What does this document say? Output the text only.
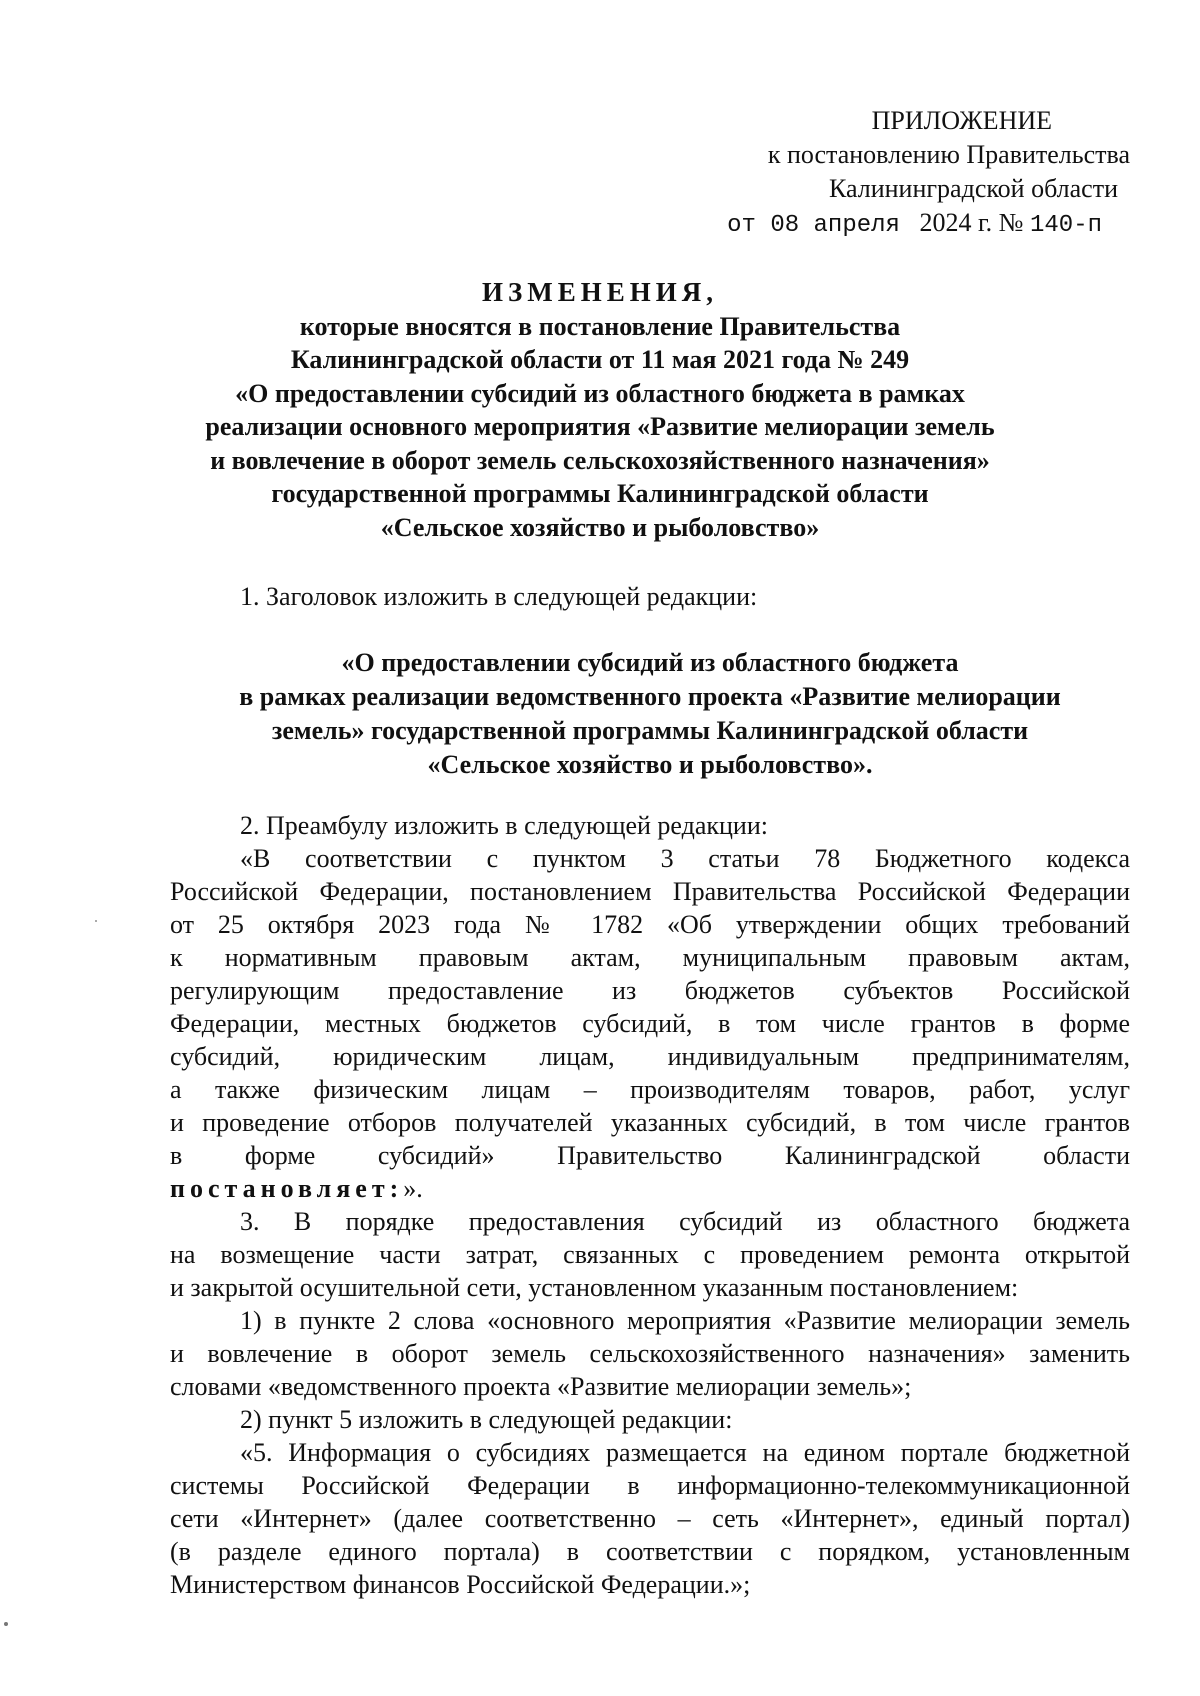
ПРИЛОЖЕНИЕ
к постановлению Правительства
Калининградской области
от 08 апреля 2024 г. № 140-п
ИЗМЕНЕНИЯ,
которые вносятся в постановление Правительства
Калининградской области от 11 мая 2021 года № 249
«О предоставлении субсидий из областного бюджета в рамках
реализации основного мероприятия «Развитие мелиорации земель
и вовлечение в оборот земель сельскохозяйственного назначения»
государственной программы Калининградской области
«Сельское хозяйство и рыболовство»
1. Заголовок изложить в следующей редакции:
«О предоставлении субсидий из областного бюджета
в рамках реализации ведомственного проекта «Развитие мелиорации
земель» государственной программы Калининградской области
«Сельское хозяйство и рыболовство».
2. Преамбулу изложить в следующей редакции:
«В соответствии с пунктом 3 статьи 78 Бюджетного кодекса
Российской Федерации, постановлением Правительства Российской Федерации
от 25 октября 2023 года № 1782 «Об утверждении общих требований
к нормативным правовым актам, муниципальным правовым актам,
регулирующим предоставление из бюджетов субъектов Российской
Федерации, местных бюджетов субсидий, в том числе грантов в форме
субсидий, юридическим лицам, индивидуальным предпринимателям,
а также физическим лицам – производителям товаров, работ, услуг
и проведение отборов получателей указанных субсидий, в том числе грантов
в форме субсидий» Правительство Калининградской области
постановляет:».
3. В порядке предоставления субсидий из областного бюджета
на возмещение части затрат, связанных с проведением ремонта открытой
и закрытой осушительной сети, установленном указанным постановлением:
1) в пункте 2 слова «основного мероприятия «Развитие мелиорации земель
и вовлечение в оборот земель сельскохозяйственного назначения» заменить
словами «ведомственного проекта «Развитие мелиорации земель»;
2) пункт 5 изложить в следующей редакции:
«5. Информация о субсидиях размещается на едином портале бюджетной
системы Российской Федерации в информационно-телекоммуникационной
сети «Интернет» (далее соответственно – сеть «Интернет», единый портал)
(в разделе единого портала) в соответствии с порядком, установленным
Министерством финансов Российской Федерации.»;
